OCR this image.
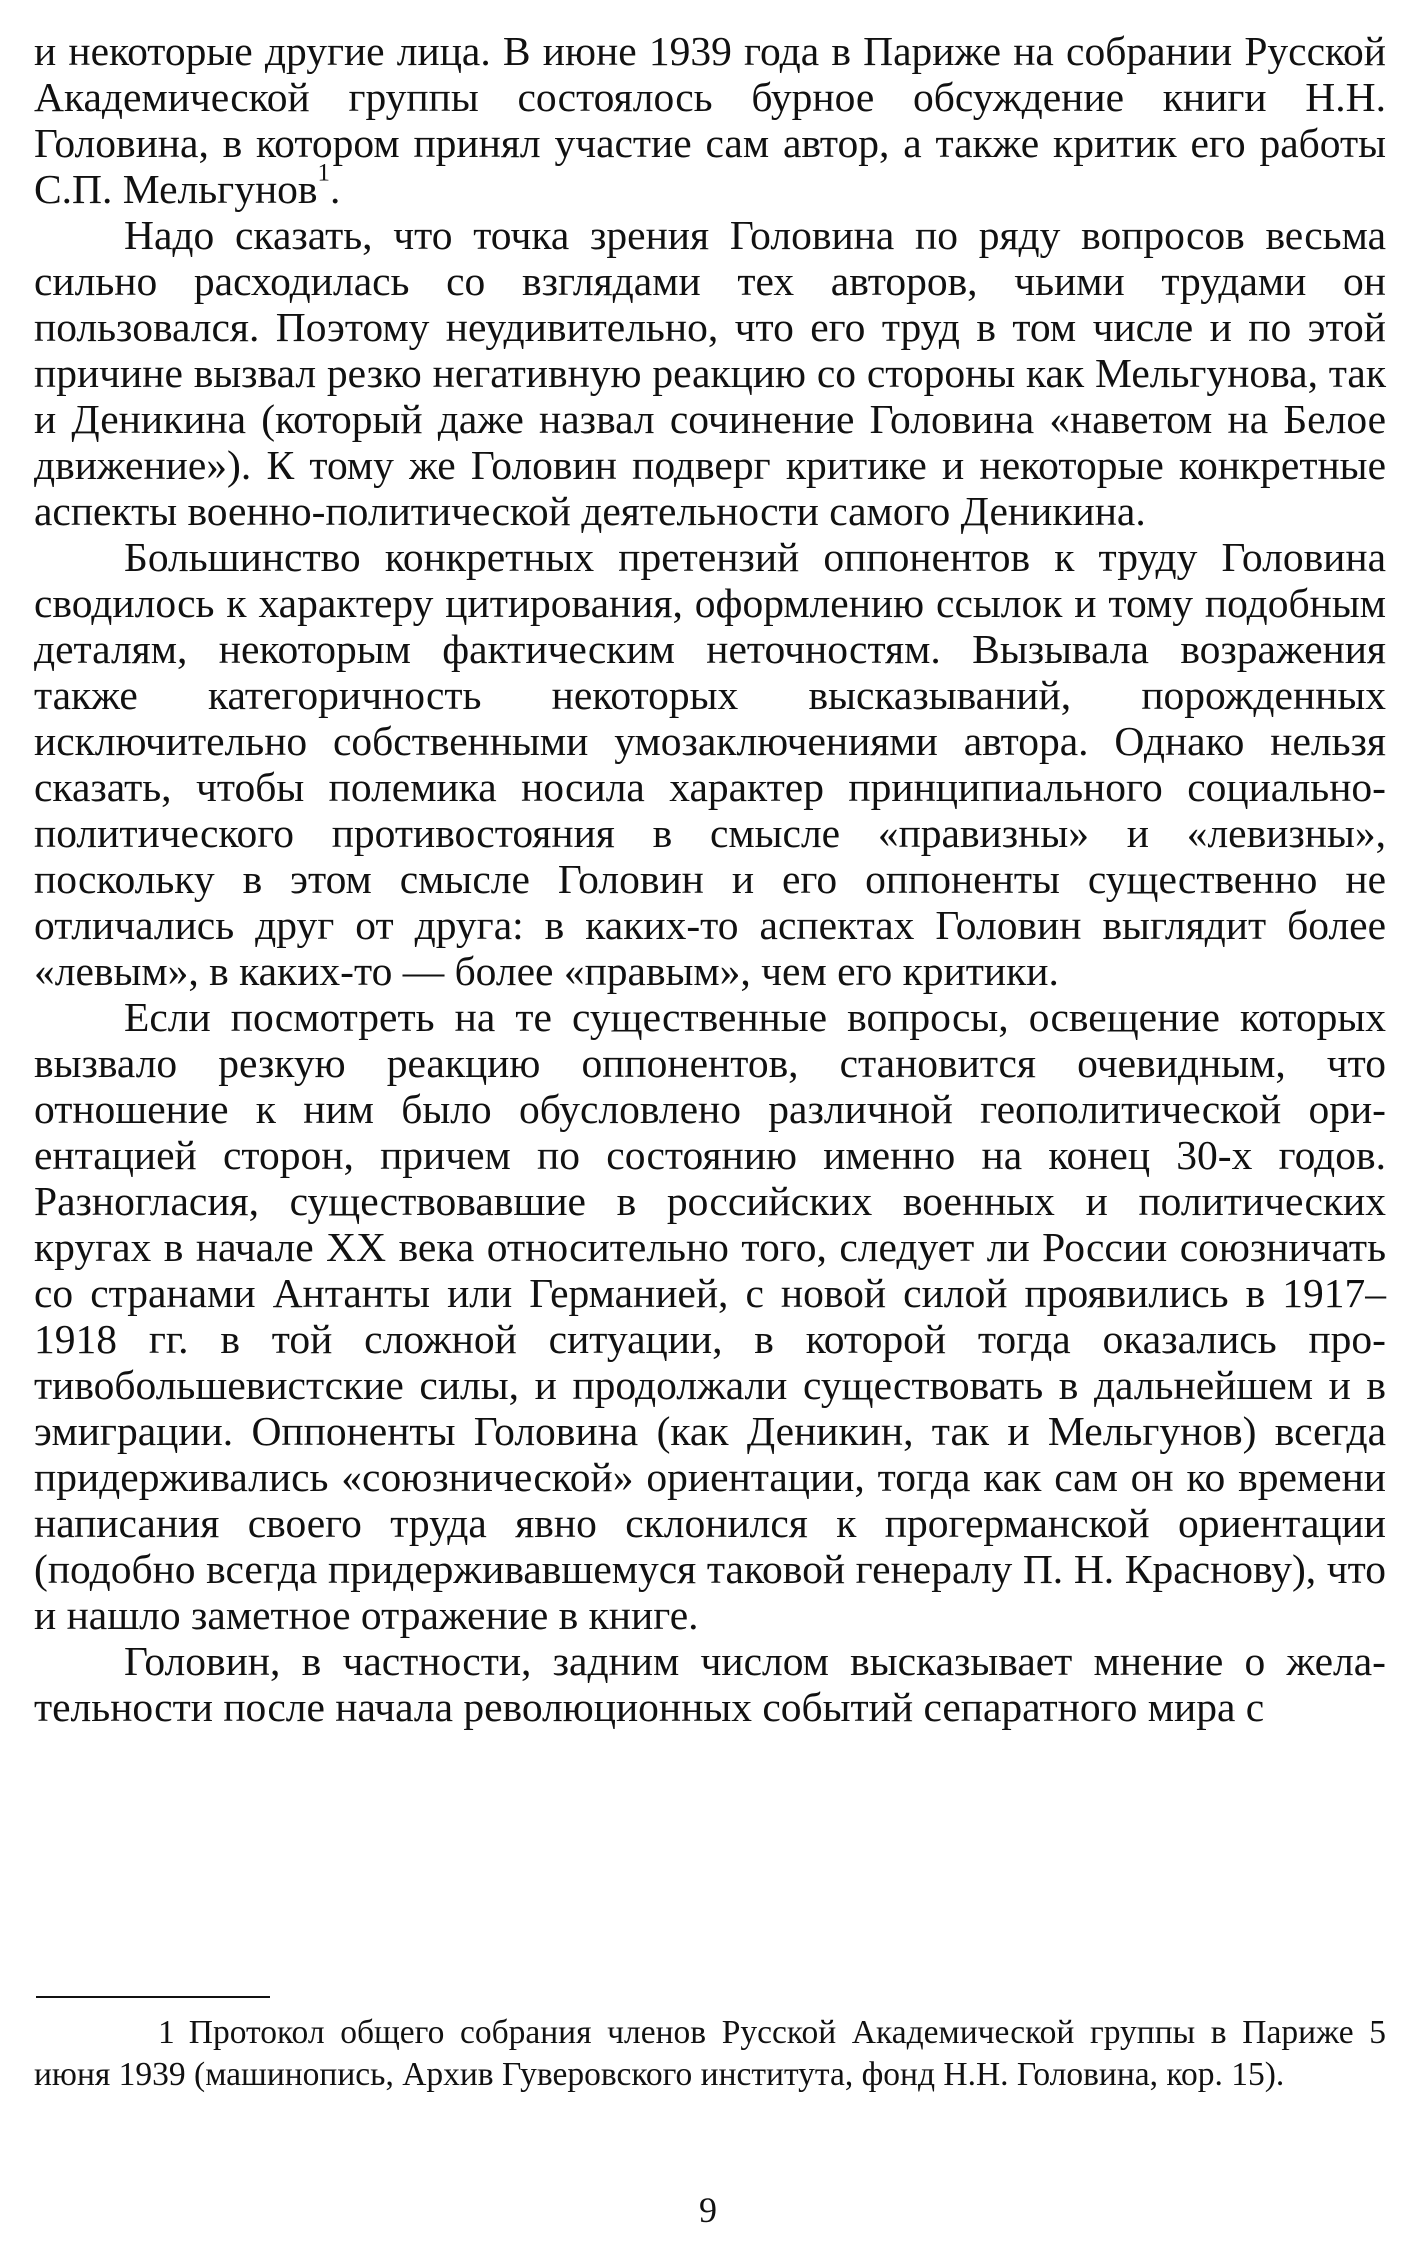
и некоторые другие лица. В июне 1939 года в Париже на собрании Русской Академической группы состоялось бурное обсуждение книги Н.Н. Головина, в котором принял участие сам автор, а также критик его работы С.П. Мельгунов$^1$.

Надо сказать, что точка зрения Головина по ряду вопросов весьма сильно расходилась со взглядами тех авторов, чьими трудами он пользовался. Поэтому неудивительно, что его труд в том числе и по этой причине вызвал резко негативную реакцию со стороны как Мельгунова, так и Деникина (который даже назвал сочинение Головина «наветом на Белое движение»). К тому же Головин подверг критике и некоторые конкретные аспекты военно-политической деятельности самого Деникина.

Большинство конкретных претензий оппонентов к труду Головина сводилось к характеру цитирования, оформлению ссылок и тому подобным деталям, некоторым фактическим неточностям. Вызывала возражения также категоричность некоторых высказываний, порожденных исключительно собственными умозаключениями автора. Однако нельзя сказать, чтобы полемика носила характер принципиального социально-политического противостояния в смысле «правизны» и «левизны», поскольку в этом смысле Головин и его оппоненты существенно не отличались друг от друга: в каких-то аспектах Головин выглядит более «левым», в каких-то — более «правым», чем его критики.

Если посмотреть на те существенные вопросы, освещение которых вызвало резкую реакцию оппонентов, становится очевидным, что отношение к ним было обусловлено различной геополитической ориентацией сторон, причем по состоянию именно на конец 30-х годов. Разногласия, существовавшие в российских военных и политических кругах в начале XX века относительно того, следует ли России союзничать со странами Антанты или Германией, с новой силой проявились в 1917–1918 гг. в той сложной ситуации, в которой тогда оказались противобольшевистские силы, и продолжали существовать в дальнейшем и в эмиграции. Оппоненты Головина (как Деникин, так и Мельгунов) всегда придерживались «союзнической» ориентации, тогда как сам он ко времени написания своего труда явно склонился к прогерманской ориентации (подобно всегда придерживавшемуся таковой генералу П. Н. Краснову), что и нашло заметное отражение в книге.

Головин, в частности, задним числом высказывает мнение о желательности после начала революционных событий сепаратного мира с

1 Протокол общего собрания членов Русской Академической группы в Париже 5 июня 1939 (машинопись, Архив Гуверовского института, фонд Н.Н. Головина, кор. 15).

9
